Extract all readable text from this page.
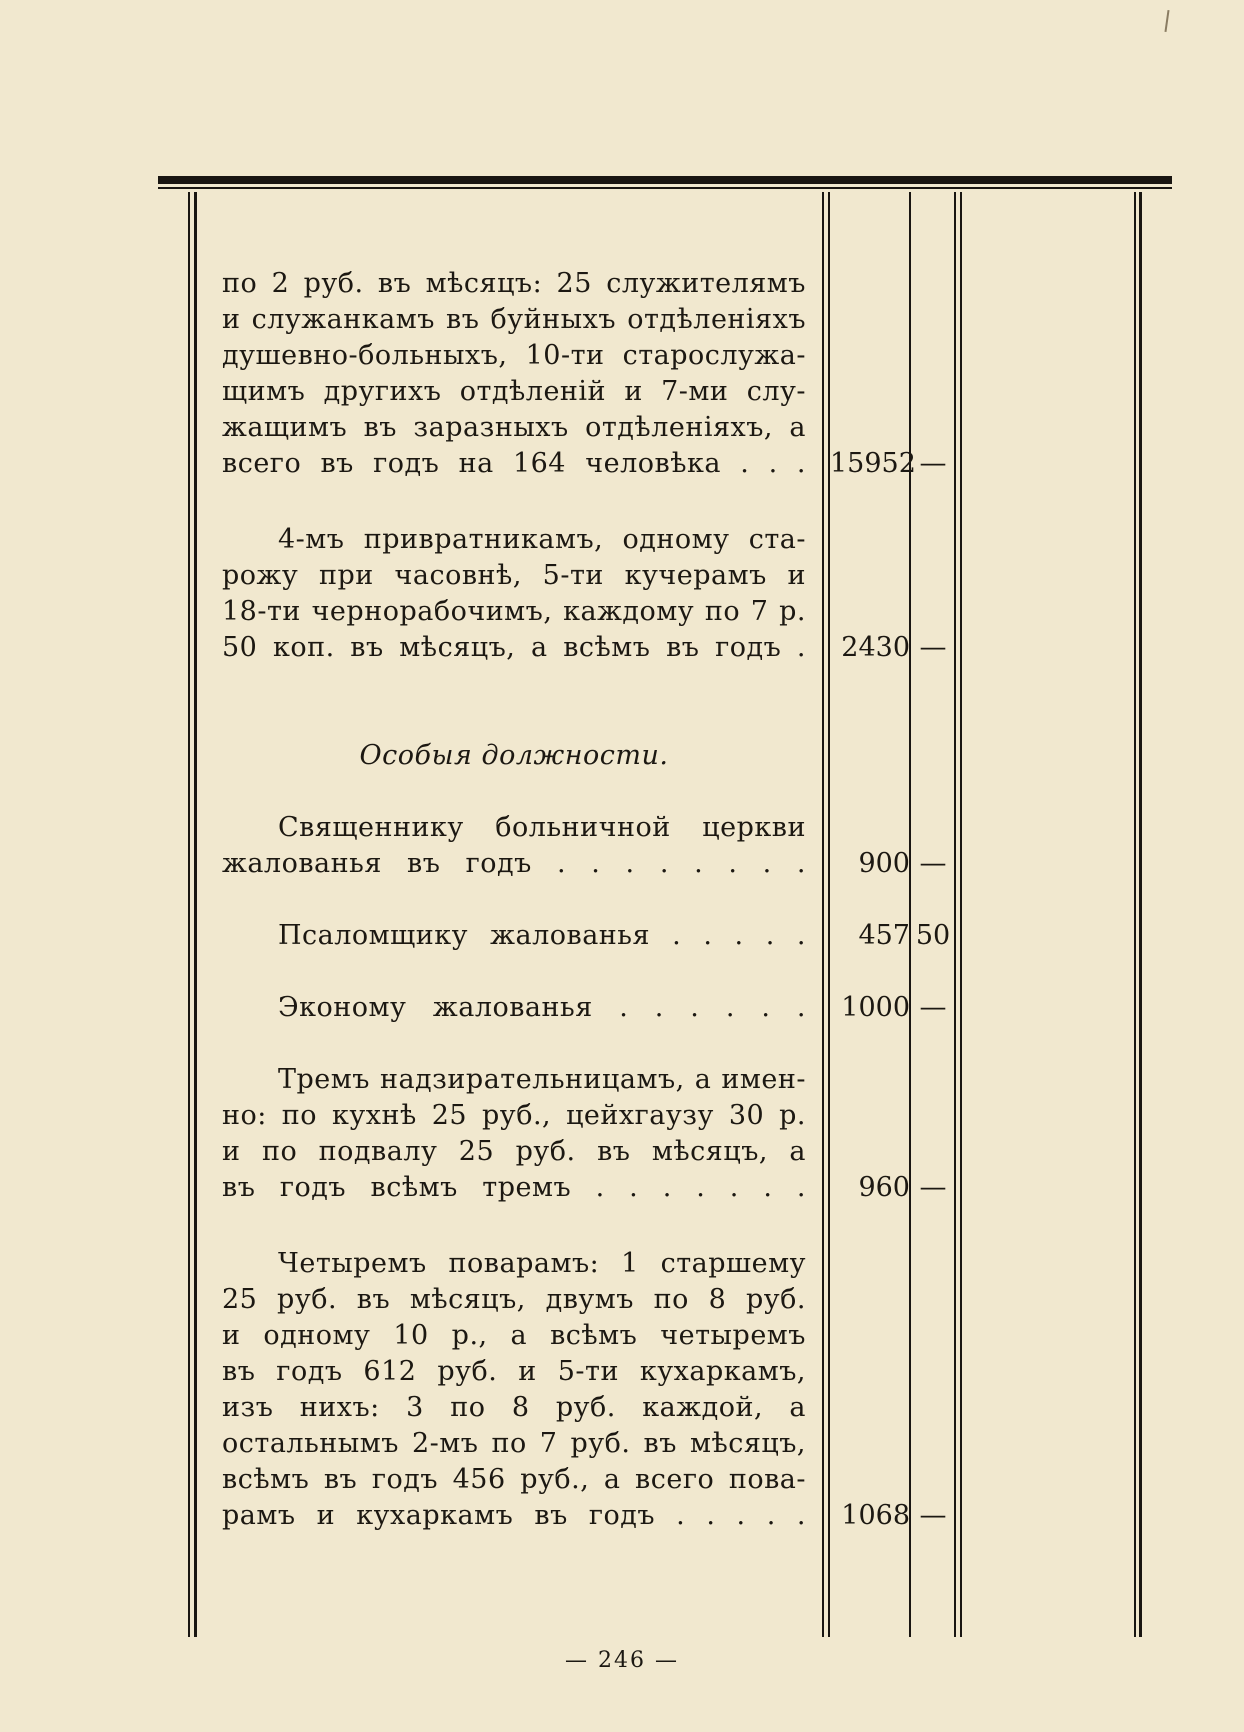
по 2 руб. въ мѣсяцъ: 25 служителямъ
и служанкамъ въ буйныхъ отдѣленіяхъ
душевно-больныхъ, 10-ти старослужа-
щимъ другихъ отдѣленій и 7-ми слу-
жащимъ въ заразныхъ отдѣленіяхъ, а
всего въ годъ на 164 человѣка . . . 15952 —
4-мъ привратникамъ, одному ста-
рожу при часовнѣ, 5-ти кучерамъ и
18-ти чернорабочимъ, каждому по 7 р.
50 коп. въ мѣсяцъ, а всѣмъ въ годъ .	2430 —
Особыя должности.
Священнику больничной церкви
жалованья въ годъ . . . . . . . .	900 —
Псаломщику жалованья . . . . .	457 50
Эконому жалованья . . . . . .	1000 —
Тремъ надзирательницамъ, а имен-
но: по кухнѣ 25 руб., цейхгаузу 30 р.
и по подвалу 25 руб. въ мѣсяцъ, а
въ годъ всѣмъ тремъ . . . . . . .	960 —
Четыремъ поварамъ: 1 старшему
25 руб. въ мѣсяцъ, двумъ по 8 руб.
и одному 10 р., а всѣмъ четыремъ
въ годъ 612 руб. и 5-ти кухаркамъ,
изъ нихъ: 3 по 8 руб. каждой, а
остальнымъ 2-мъ по 7 руб. въ мѣсяцъ,
всѣмъ въ годъ 456 руб., а всего пова-
рамъ и кухаркамъ въ годъ . . . . .	1068 —
— 246 —
